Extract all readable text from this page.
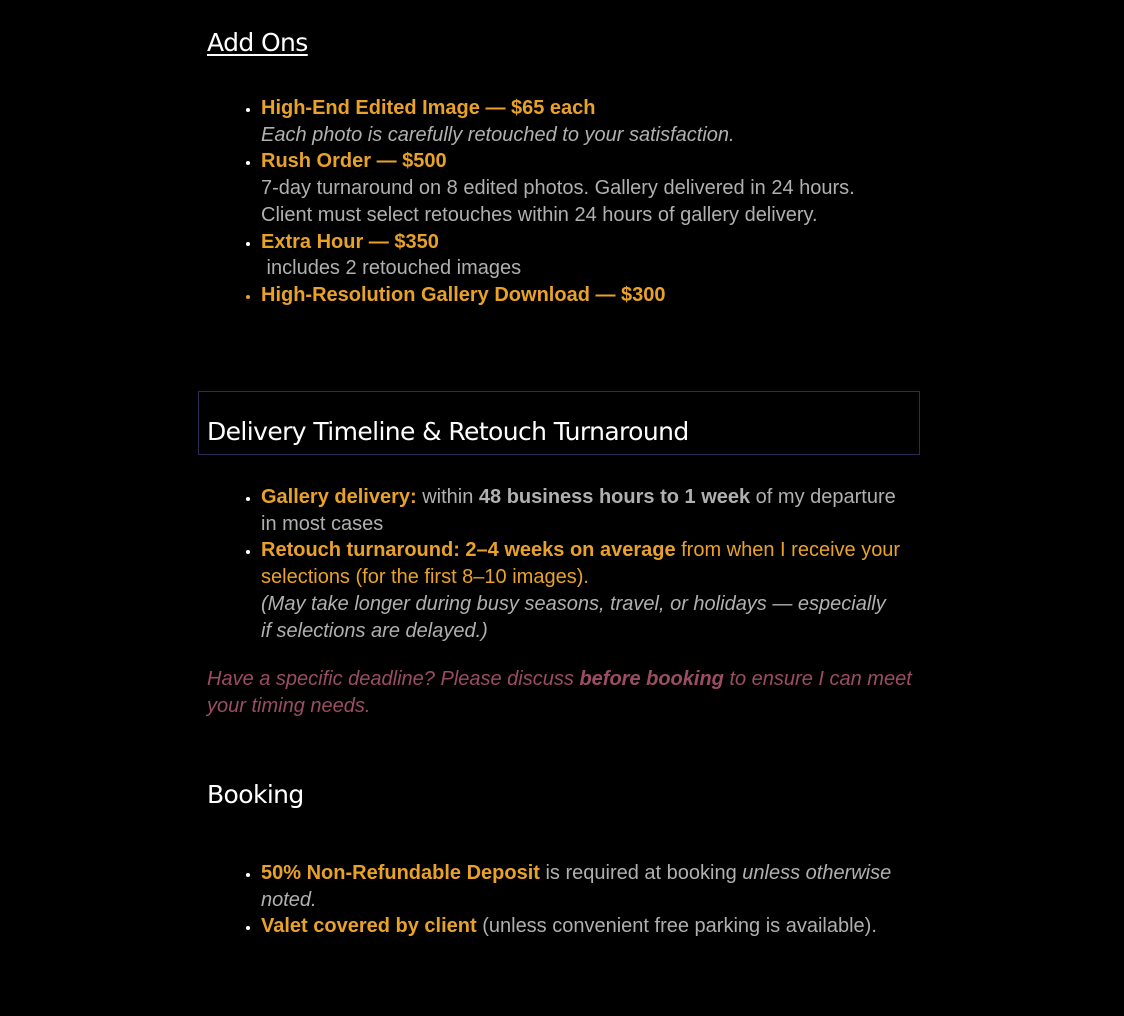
Add Ons
• High-End Edited Image — $65 each
Each photo is carefully retouched to your satisfaction.
• Rush Order — $500
7-day turnaround on 8 edited photos. Gallery delivered in 24 hours. Client must select retouches within 24 hours of gallery delivery.
• Extra Hour — $350
includes 2 retouched images
• High-Resolution Gallery Download — $300
Delivery Timeline & Retouch Turnaround
• Gallery delivery: within 48 business hours to 1 week of my departure in most cases
• Retouch turnaround: 2–4 weeks on average from when I receive your selections (for the first 8–10 images).
(May take longer during busy seasons, travel, or holidays — especially if selections are delayed.)

Have a specific deadline? Please discuss before booking to ensure I can meet your timing needs.

Booking
• 50% Non-Refundable Deposit is required at booking unless otherwise noted.
• Valet covered by client (unless convenient free parking is available).
